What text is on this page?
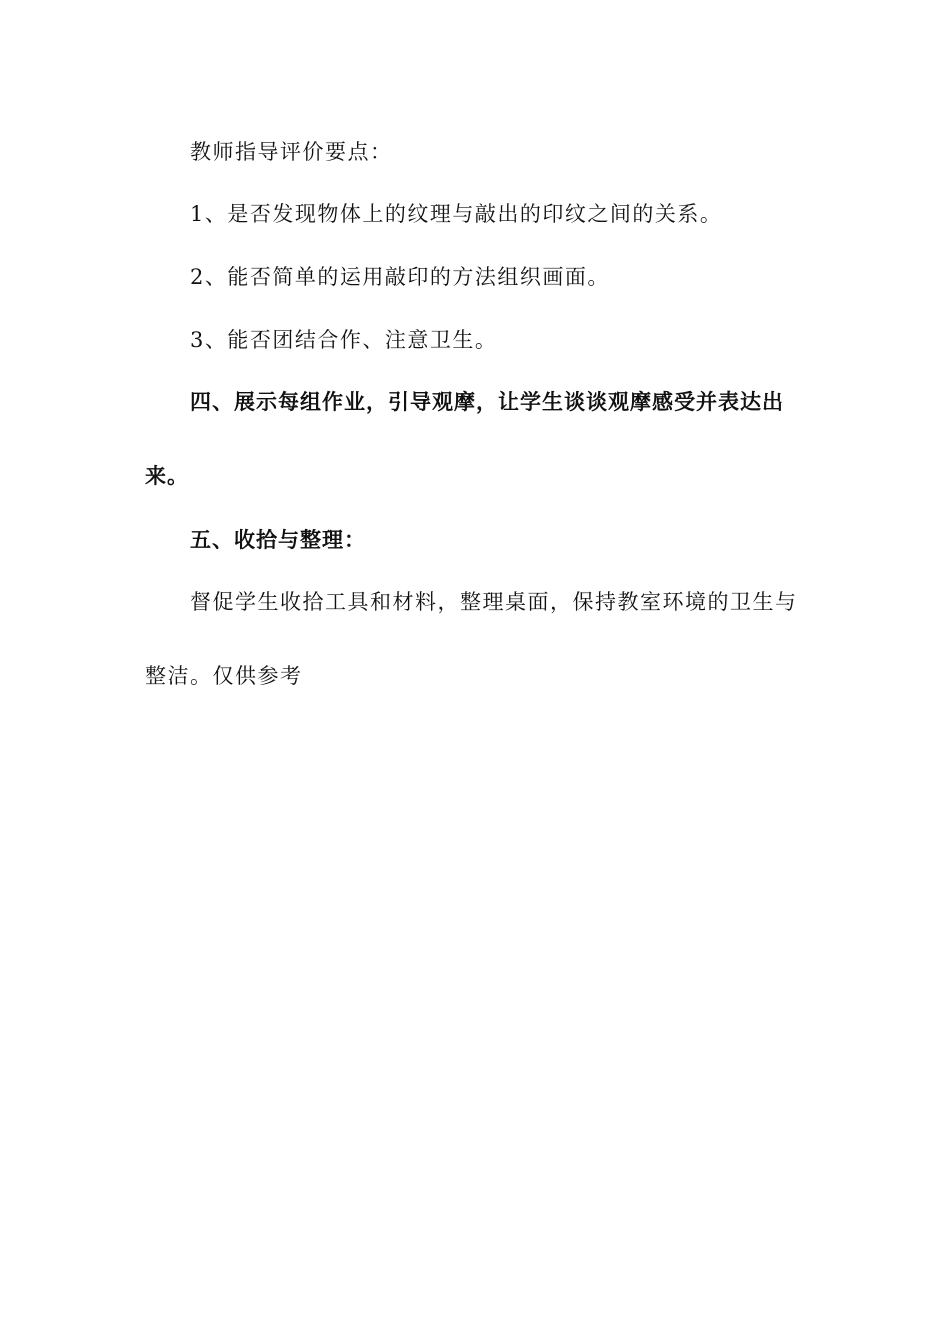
教师指导评价要点：
1、是否发现物体上的纹理与敲出的印纹之间的关系。
2、能否简单的运用敲印的方法组织画面。
3、能否团结合作、注意卫生。
四、展示每组作业，引导观摩，让学生谈谈观摩感受并表达出
来。
五、收拾与整理：
督促学生收拾工具和材料，整理桌面，保持教室环境的卫生与
整洁。仅供参考
